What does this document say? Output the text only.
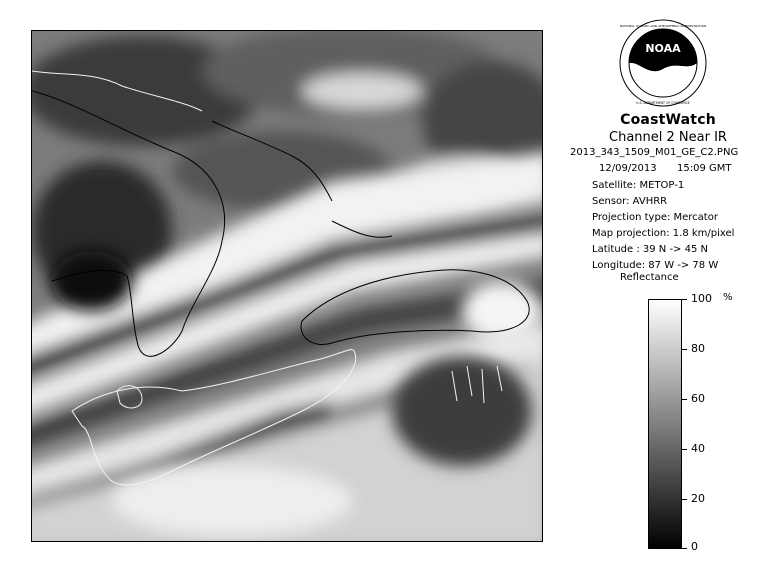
NOAA
NATIONAL OCEANIC AND ATMOSPHERIC ADMINISTRATION
U.S. DEPARTMENT OF COMMERCE
CoastWatch
Channel 2 Near IR
2013_343_1509_M01_GE_C2.PNG
12/09/2013 15:09 GMT
Satellite: METOP-1
Sensor: AVHRR
Projection type: Mercator
Map projection: 1.8 km/pixel
Latitude : 39 N -> 45 N
Longitude: 87 W -> 78 W
Reflectance
%
100
80
60
40
20
0
